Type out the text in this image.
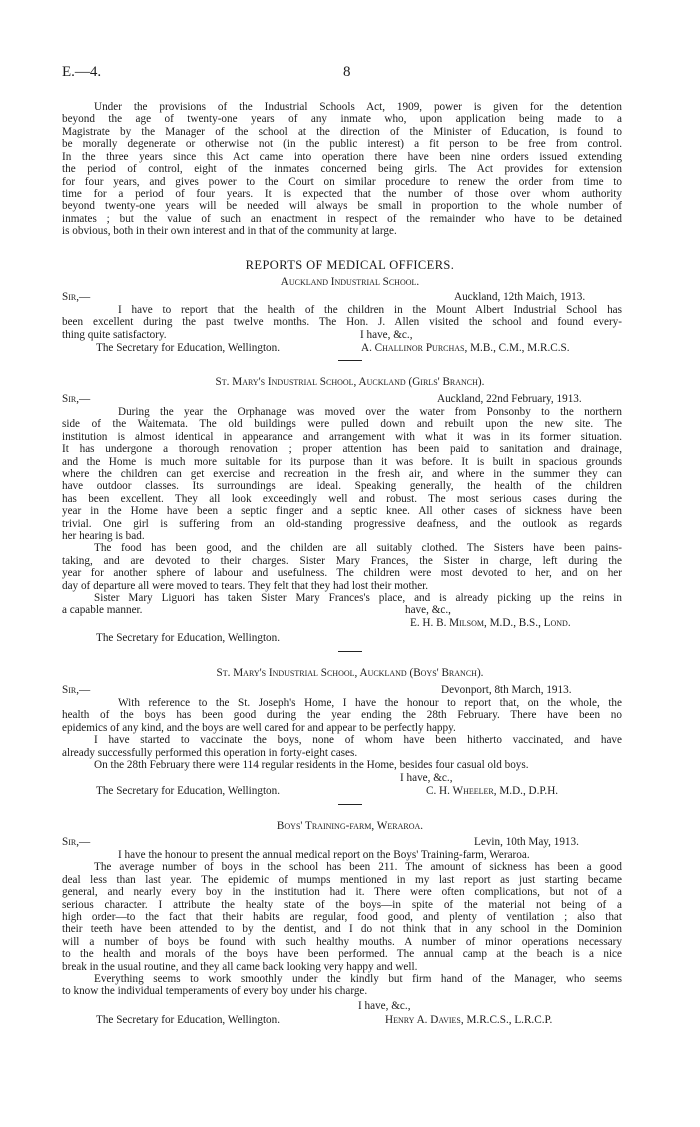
E.—4.	8
Under the provisions of the Industrial Schools Act, 1909, power is given for the detention
beyond the age of twenty-one years of any inmate who, upon application being made to a
Magistrate by the Manager of the school at the direction of the Minister of Education, is found to
be morally degenerate or otherwise not (in the public interest) a fit person to be free from control.
In the three years since this Act came into operation there have been nine orders issued extending
the period of control, eight of the inmates concerned being girls. The Act provides for extension
for four years, and gives power to the Court on similar procedure to renew the order from time to
time for a period of four years. It is expected that the number of those over whom authority
beyond twenty-one years will be needed will always be small in proportion to the whole number of
inmates ; but the value of such an enactment in respect of the remainder who have to be detained
is obvious, both in their own interest and in that of the community at large.
REPORTS OF MEDICAL OFFICERS.
Auckland Industrial School.
Sir,—	Auckland, 12th Maich, 1913.
I have to report that the health of the children in the Mount Albert Industrial School has
been excellent during the past twelve months. The Hon. J. Allen visited the school and found every-
thing quite satisfactory.	I have, &c.,
The Secretary for Education, Wellington.	A. Challinor Purchas, M.B., C.M., M.R.C.S.
St. Mary's Industrial School, Auckland (Girls' Branch).
Sir,—	Auckland, 22nd February, 1913.
During the year the Orphanage was moved over the water from Ponsonby to the northern
side of the Waitemata. The old buildings were pulled down and rebuilt upon the new site. The
institution is almost identical in appearance and arrangement with what it was in its former situation.
It has undergone a thorough renovation ; proper attention has been paid to sanitation and drainage,
and the Home is much more suitable for its purpose than it was before. It is built in spacious grounds
where the children can get exercise and recreation in the fresh air, and where in the summer they can
have outdoor classes. Its surroundings are ideal. Speaking generally, the health of the children
has been excellent. They all look exceedingly well and robust. The most serious cases during the
year in the Home have been a septic finger and a septic knee. All other cases of sickness have been
trivial. One girl is suffering from an old-standing progressive deafness, and the outlook as regards
her hearing is bad.
The food has been good, and the childen are all suitably clothed. The Sisters have been pains-
taking, and are devoted to their charges. Sister Mary Frances, the Sister in charge, left during the
year for another sphere of labour and usefulness. The children were most devoted to her, and on her
day of departure all were moved to tears. They felt that they had lost their mother.
Sister Mary Liguori has taken Sister Mary Frances's place, and is already picking up the reins in
a capable manner.	have, &c.,
E. H. B. Milsom, M.D., B.S., Lond.
The Secretary for Education, Wellington.
St. Mary's Industrial School, Auckland (Boys' Branch).
Sir,—	Devonport, 8th March, 1913.
With reference to the St. Joseph's Home, I have the honour to report that, on the whole, the
health of the boys has been good during the year ending the 28th February. There have been no
epidemics of any kind, and the boys are well cared for and appear to be perfectly happy.
I have started to vaccinate the boys, none of whom have been hitherto vaccinated, and have
already successfully performed this operation in forty-eight cases.
On the 28th February there were 114 regular residents in the Home, besides four casual old boys.
I have, &c.,
The Secretary for Education, Wellington.	C. H. Wheeler, M.D., D.P.H.
Boys' Training-farm, Weraroa.
Sir,—	Levin, 10th May, 1913.
I have the honour to present the annual medical report on the Boys' Training-farm, Weraroa.
The average number of boys in the school has been 211. The amount of sickness has been a good
deal less than last year. The epidemic of mumps mentioned in my last report as just starting became
general, and nearly every boy in the institution had it. There were often complications, but not of a
serious character. I attribute the healty state of the boys—in spite of the material not being of a
high order—to the fact that their habits are regular, food good, and plenty of ventilation ; also that
their teeth have been attended to by the dentist, and I do not think that in any school in the Dominion
will a number of boys be found with such healthy mouths. A number of minor operations necessary
to the health and morals of the boys have been performed. The annual camp at the beach is a nice
break in the usual routine, and they all came back looking very happy and well.
Everything seems to work smoothly under the kindly but firm hand of the Manager, who seems
to know the individual temperaments of every boy under his charge.
I have, &c.,
The Secretary for Education, Wellington.	Henry A. Davies, M.R.C.S., L.R.C.P.
